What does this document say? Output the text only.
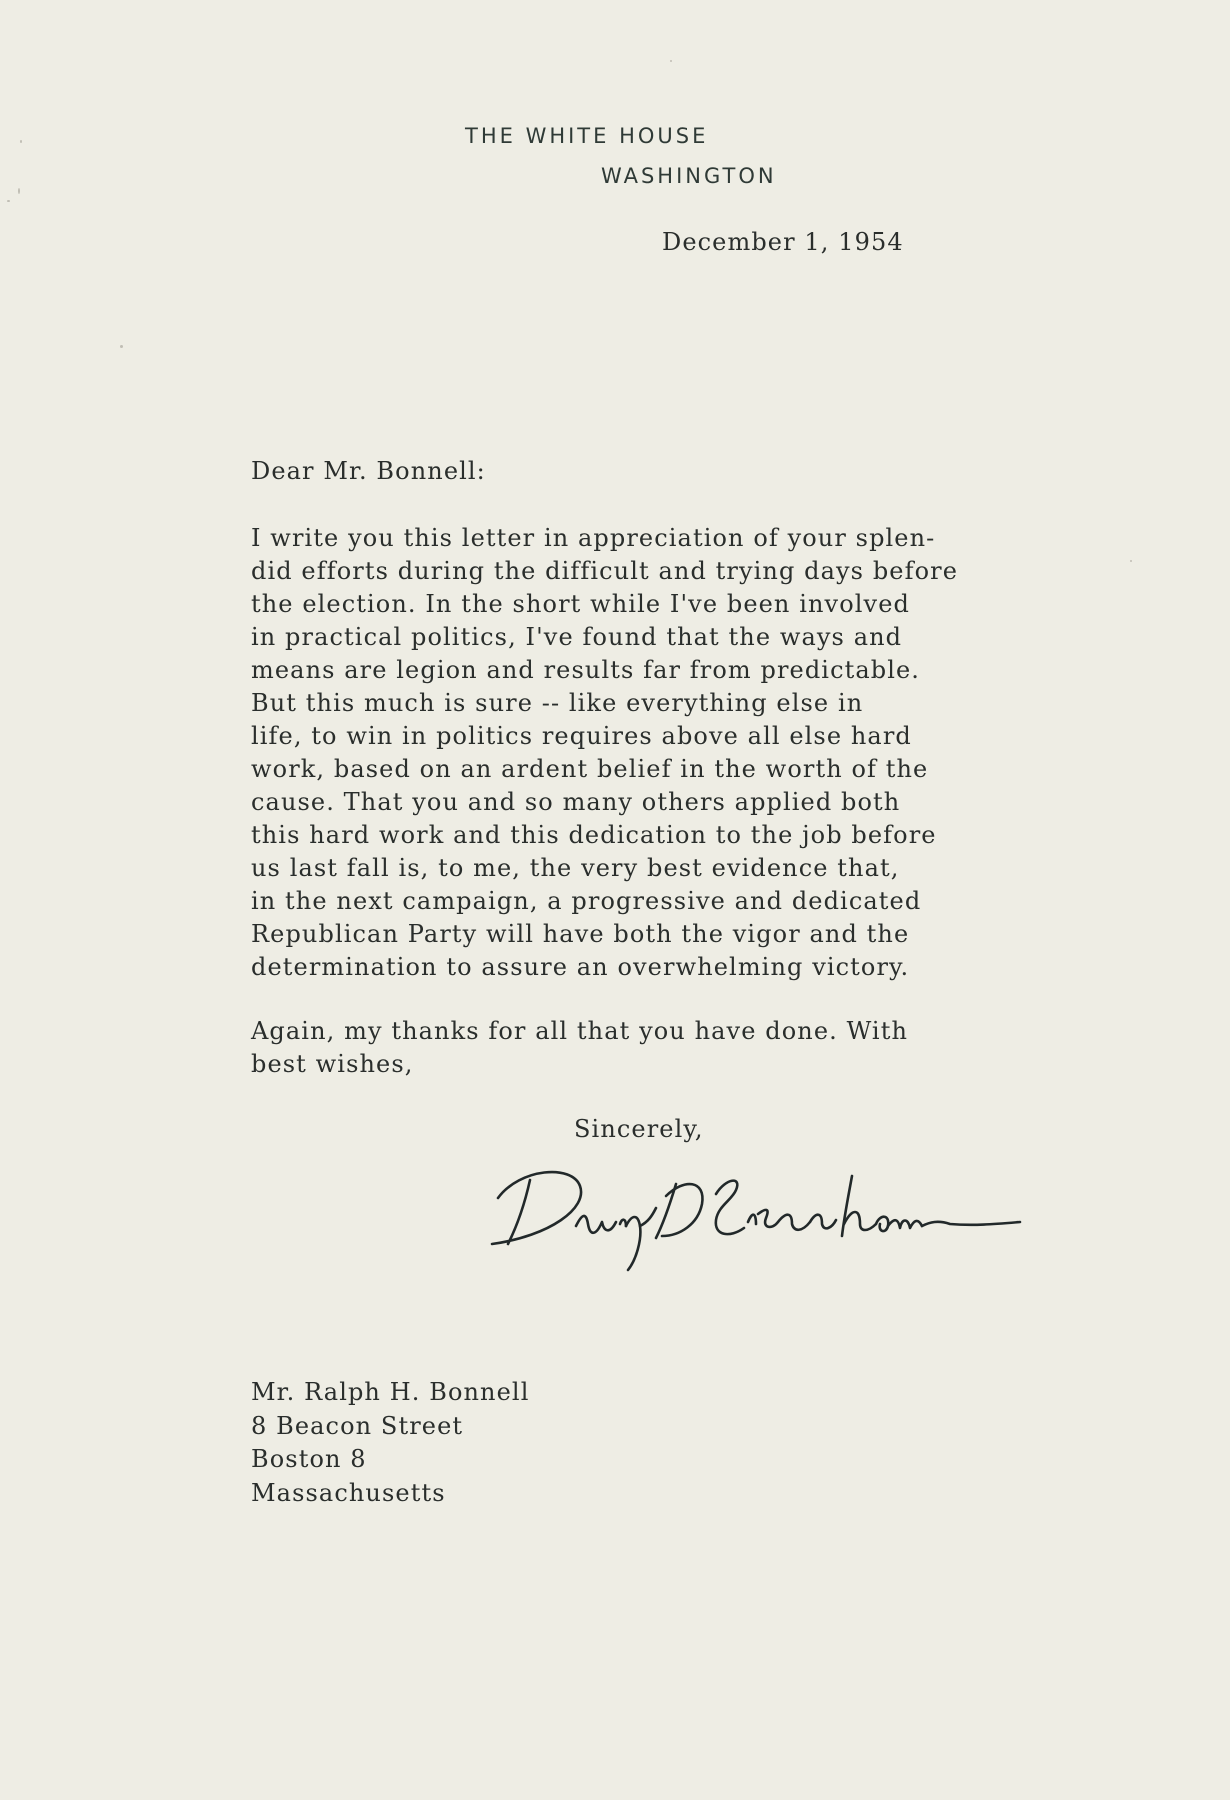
THE WHITE HOUSE
WASHINGTON
December 1, 1954
Dear Mr. Bonnell:
I write you this letter in appreciation of your splen-
did efforts during the difficult and trying days before
the election. In the short while I've been involved
in practical politics, I've found that the ways and
means are legion and results far from predictable.
But this much is sure -- like everything else in
life, to win in politics requires above all else hard
work, based on an ardent belief in the worth of the
cause. That you and so many others applied both
this hard work and this dedication to the job before
us last fall is, to me, the very best evidence that,
in the next campaign, a progressive and dedicated
Republican Party will have both the vigor and the
determination to assure an overwhelming victory.
Again, my thanks for all that you have done. With
best wishes,
Sincerely,
Mr. Ralph H. Bonnell
8 Beacon Street
Boston 8
Massachusetts
